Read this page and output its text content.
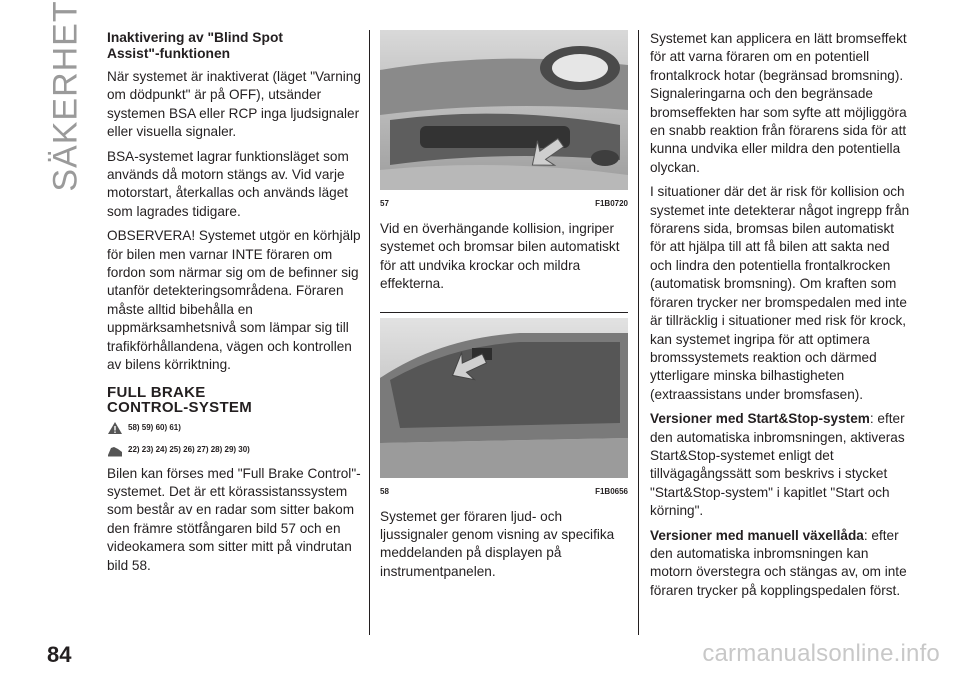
SÄKERHET Inaktivering av "Blind Spot
Assist"-funktionen

När systemet är inaktiverat (läget "Varning om dödpunkt" är på OFF), utsänder systemen BSA eller RCP inga ljudsignaler eller visuella signaler.

BSA-systemet lagrar funktionsläget som används då motorn stängs av. Vid varje motorstart, återkallas och används läget som lagrades tidigare.

OBSERVERA! Systemet utgör en körhjälp för bilen men varnar INTE föraren om fordon som närmar sig om de befinner sig utanför detekteringsområdena. Föraren måste alltid bibehålla en uppmärksamhetsnivå som lämpar sig till trafikförhållandena, vägen och kontrollen av bilens körriktning.

FULL BRAKE
CONTROL-SYSTEM
58) 59) 60) 61)
22) 23) 24) 25) 26) 27) 28) 29) 30)

Bilen kan förses med "Full Brake Control"-systemet. Det är ett körassistanssystem som består av en radar som sitter bakom den främre stötfångaren bild 57 och en videokamera som sitter mitt på vindrutan bild 58.

57	F1B0720

Vid en överhängande kollision, ingriper systemet och bromsar bilen automatiskt för att undvika krockar och mildra effekterna.

58	F1B0656

Systemet ger föraren ljud- och ljussignaler genom visning av specifika meddelanden på displayen på instrumentpanelen.

Systemet kan applicera en lätt bromseffekt för att varna föraren om en potentiell frontalkrock hotar (begränsad bromsning). Signaleringarna och den begränsade bromseffekten har som syfte att möjliggöra en snabb reaktion från förarens sida för att kunna undvika eller mildra den potentiella olyckan.

I situationer där det är risk för kollision och systemet inte detekterar något ingrepp från förarens sida, bromsas bilen automatiskt för att hjälpa till att få bilen att sakta ned och lindra den potentiella frontalkrocken (automatisk bromsning). Om kraften som föraren trycker ner bromspedalen med inte är tillräcklig i situationer med risk för krock, kan systemet ingripa för att optimera bromssystemets reaktion och därmed ytterligare minska bilhastigheten (extraassistans under bromsfasen).

Versioner med Start&Stop-system: efter den automatiska inbromsningen, aktiveras Start&Stop-systemet enligt det tillvägagångssätt som beskrivs i stycket "Start&Stop-system" i kapitlet "Start och körning".

Versioner med manuell växellåda: efter den automatiska inbromsningen kan motorn överstegra och stängas av, om inte föraren trycker på kopplingspedalen först.

84	carmanualsonline.info
